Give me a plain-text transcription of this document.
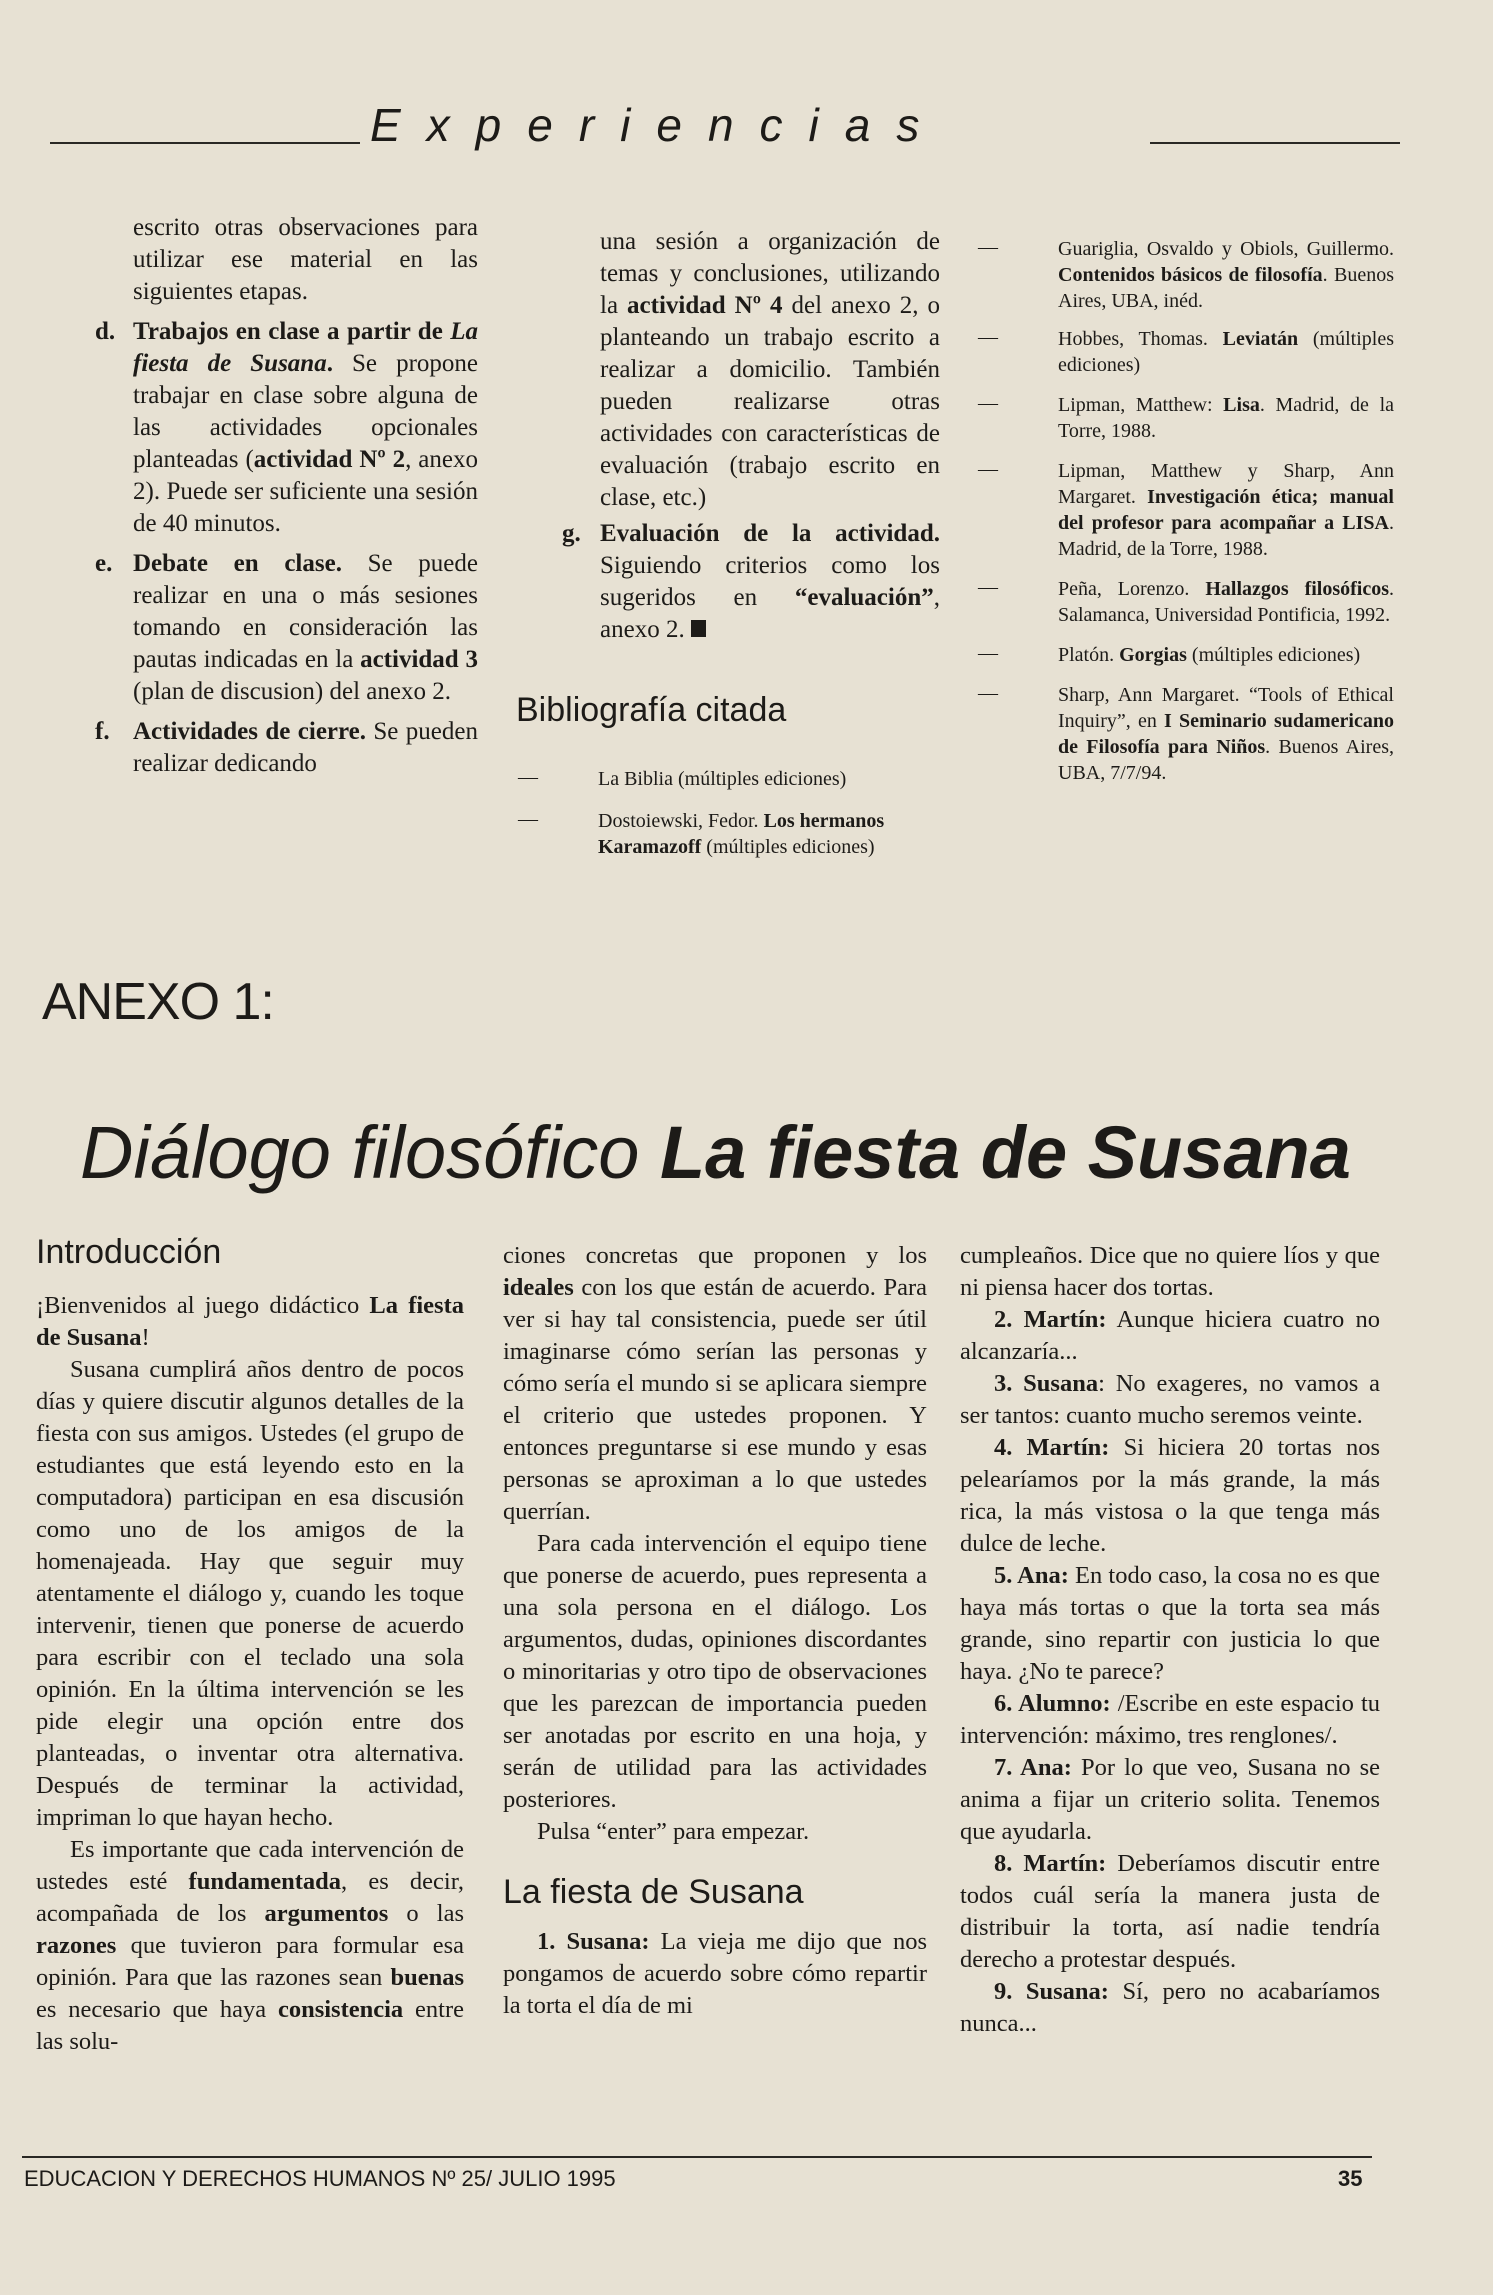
Experiencias

escrito otras observaciones para utilizar ese material en las siguientes etapas.

d. Trabajos en clase a partir de La fiesta de Susana. Se propone trabajar en clase sobre alguna de las actividades opcionales planteadas (actividad Nº 2, anexo 2). Puede ser suficiente una sesión de 40 minutos.
e. Debate en clase. Se puede realizar en una o más sesiones tomando en consideración las pautas indicadas en la actividad 3 (plan de discusion) del anexo 2.
f. Actividades de cierre. Se pueden realizar dedicando

una sesión a organización de temas y conclusiones, utilizando la actividad Nº 4 del anexo 2, o planteando un trabajo escrito a realizar a domicilio. También pueden realizarse otras actividades con características de evaluación (trabajo escrito en clase, etc.)

g. Evaluación de la actividad. Siguiendo criterios como los sugeridos en “evaluación”, anexo 2.
Bibliografía citada
—	La Biblia (múltiples ediciones)
—	Dostoiewski, Fedor. Los hermanos Karamazoff (múltiples ediciones)
—	Guariglia, Osvaldo y Obiols, Guillermo. Contenidos básicos de filosofía. Buenos Aires, UBA, inéd.
—	Hobbes, Thomas. Leviatán (múltiples ediciones)
—	Lipman, Matthew: Lisa. Madrid, de la Torre, 1988.
—	Lipman, Matthew y Sharp, Ann Margaret. Investigación ética; manual del profesor para acompañar a LISA. Madrid, de la Torre, 1988.
—	Peña, Lorenzo. Hallazgos filosóficos. Salamanca, Universidad Pontificia, 1992.
—	Platón. Gorgias (múltiples ediciones)
—	Sharp, Ann Margaret. “Tools of Ethical Inquiry”, en I Seminario sudamericano de Filosofía para Niños. Buenos Aires, UBA, 7/7/94.
ANEXO 1:
Diálogo filosófico La fiesta de Susana
Introducción

¡Bienvenidos al juego didáctico La fiesta de Susana!

Susana cumplirá años dentro de pocos días y quiere discutir algunos detalles de la fiesta con sus amigos. Ustedes (el grupo de estudiantes que está leyendo esto en la computadora) participan en esa discusión como uno de los amigos de la homenajeada. Hay que seguir muy atentamente el diálogo y, cuando les toque intervenir, tienen que ponerse de acuerdo para escribir con el teclado una sola opinión. En la última intervención se les pide elegir una opción entre dos planteadas, o inventar otra alternativa. Después de terminar la actividad, impriman lo que hayan hecho.

Es importante que cada intervención de ustedes esté fundamentada, es decir, acompañada de los argumentos o las razones que tuvieron para formular esa opinión. Para que las razones sean buenas es necesario que haya consistencia entre las solu-

ciones concretas que proponen y los ideales con los que están de acuerdo. Para ver si hay tal consistencia, puede ser útil imaginarse cómo serían las personas y cómo sería el mundo si se aplicara siempre el criterio que ustedes proponen. Y entonces preguntarse si ese mundo y esas personas se aproximan a lo que ustedes querrían.

Para cada intervención el equipo tiene que ponerse de acuerdo, pues representa a una sola persona en el diálogo. Los argumentos, dudas, opiniones discordantes o minoritarias y otro tipo de observaciones que les parezcan de importancia pueden ser anotadas por escrito en una hoja, y serán de utilidad para las actividades posteriores.

Pulsa “enter” para empezar.

La fiesta de Susana

1. Susana: La vieja me dijo que nos pongamos de acuerdo sobre cómo repartir la torta el día de mi

cumpleaños. Dice que no quiere líos y que ni piensa hacer dos tortas.

2. Martín: Aunque hiciera cuatro no alcanzaría...

3. Susana: No exageres, no vamos a ser tantos: cuanto mucho seremos veinte.

4. Martín: Si hiciera 20 tortas nos pelearíamos por la más grande, la más rica, la más vistosa o la que tenga más dulce de leche.

5. Ana: En todo caso, la cosa no es que haya más tortas o que la torta sea más grande, sino repartir con justicia lo que haya. ¿No te parece?

6. Alumno: /Escribe en este espacio tu intervención: máximo, tres renglones/.

7. Ana: Por lo que veo, Susana no se anima a fijar un criterio solita. Tenemos que ayudarla.

8. Martín: Deberíamos discutir entre todos cuál sería la manera justa de distribuir la torta, así nadie tendría derecho a protestar después.

9. Susana: Sí, pero no acabaríamos nunca...

EDUCACION Y DERECHOS HUMANOS Nº 25/ JULIO 1995	35
